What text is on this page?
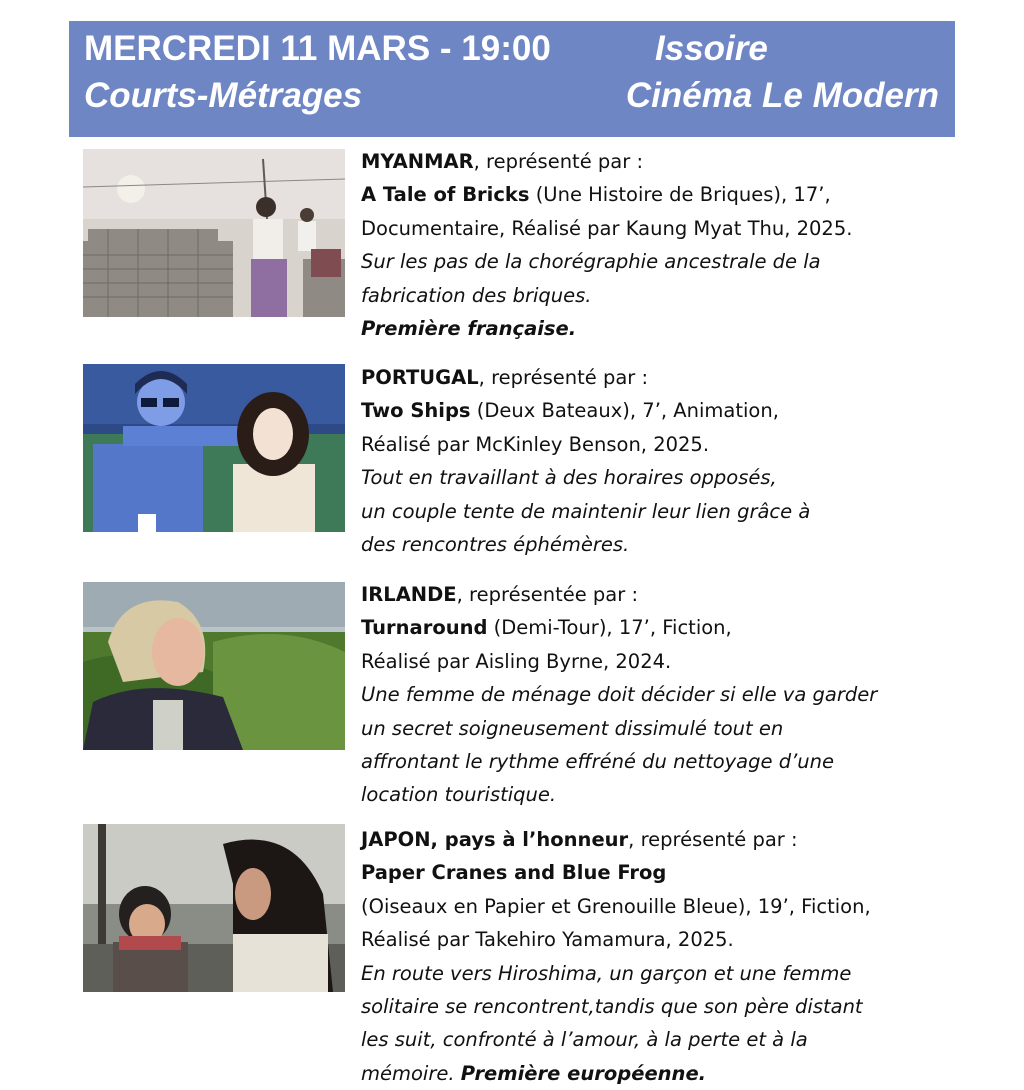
MERCREDI 11 MARS - 19:00	Issoire
Courts-Métrages	Cinéma Le Modern
MYANMAR, représenté par :
A Tale of Bricks (Une Histoire de Briques), 17’,
Documentaire, Réalisé par Kaung Myat Thu, 2025.
Sur les pas de la chorégraphie ancestrale de la
fabrication des briques.
Première française.
PORTUGAL, représenté par :
Two Ships (Deux Bateaux), 7’, Animation,
Réalisé par McKinley Benson, 2025.
Tout en travaillant à des horaires opposés,
un couple tente de maintenir leur lien grâce à
des rencontres éphémères.
IRLANDE, représentée par :
Turnaround (Demi-Tour), 17’, Fiction,
Réalisé par Aisling Byrne, 2024.
Une femme de ménage doit décider si elle va garder
un secret soigneusement dissimulé tout en
affrontant le rythme effréné du nettoyage d’une
location touristique.
JAPON, pays à l’honneur, représenté par :
Paper Cranes and Blue Frog
(Oiseaux en Papier et Grenouille Bleue), 19’, Fiction,
Réalisé par Takehiro Yamamura, 2025.
En route vers Hiroshima, un garçon et une femme
solitaire se rencontrent,tandis que son père distant
les suit, confronté à l’amour, à la perte et à la
mémoire. Première européenne.
